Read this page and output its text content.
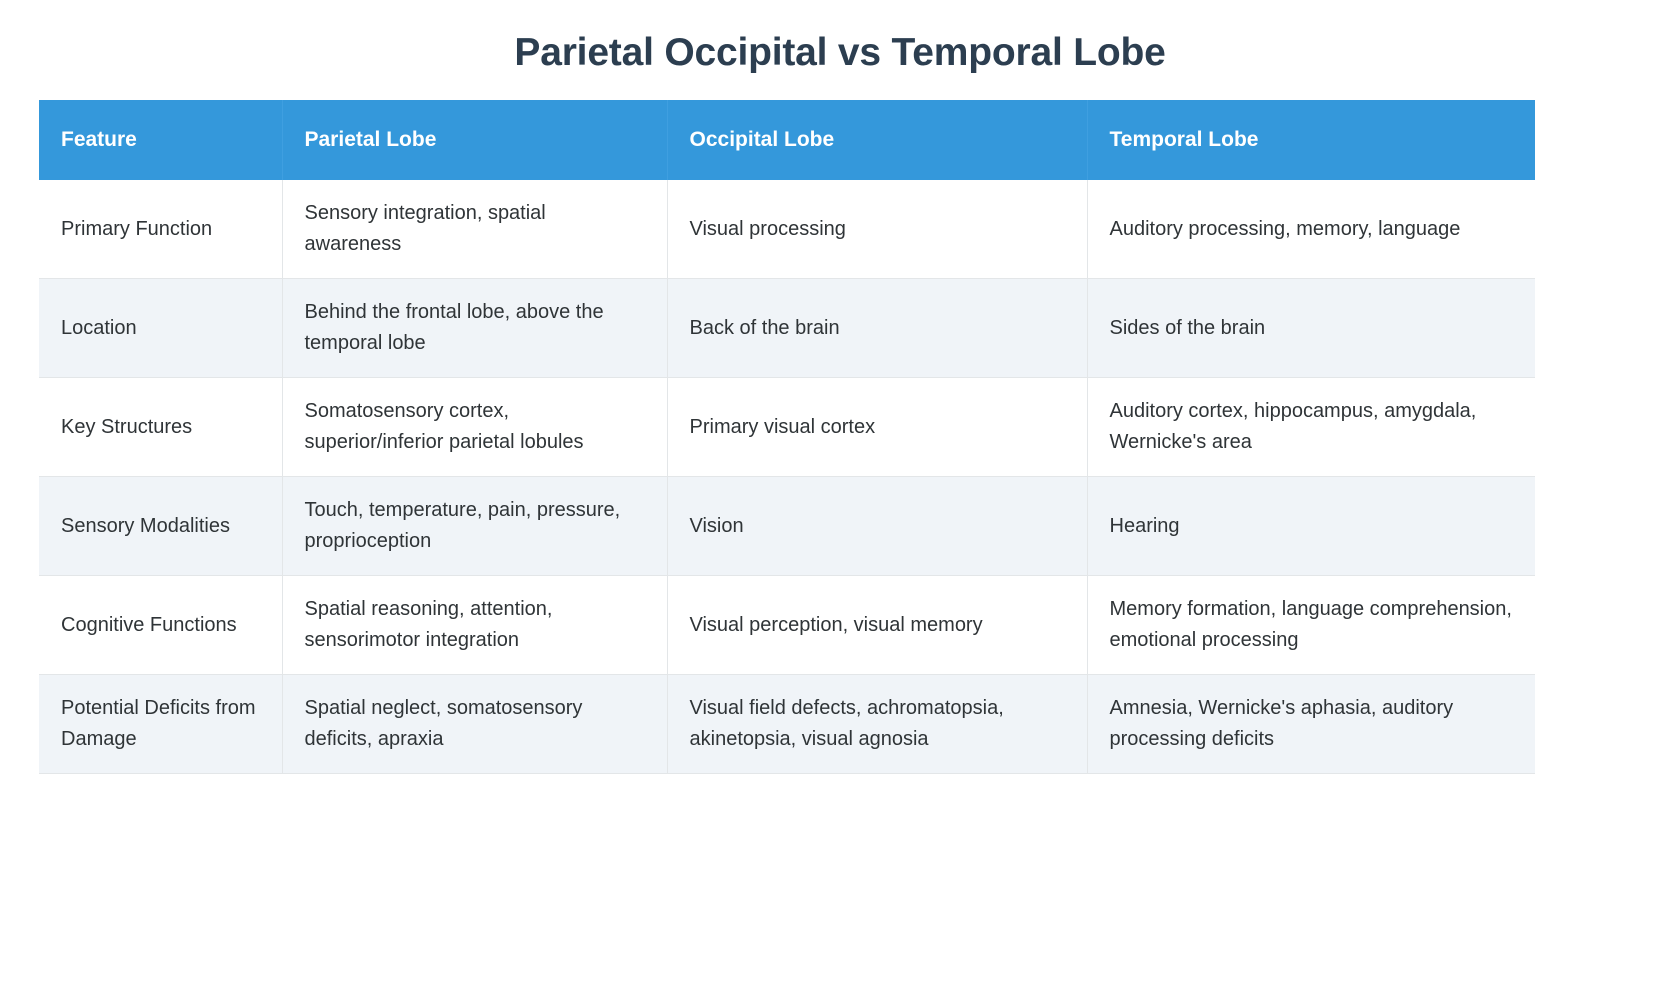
Parietal Occipital vs Temporal Lobe
Feature	Parietal Lobe	Occipital Lobe	Temporal Lobe
Primary Function	Sensory integration, spatial awareness	Visual processing	Auditory processing, memory, language
Location	Behind the frontal lobe, above the temporal lobe	Back of the brain	Sides of the brain
Key Structures	Somatosensory cortex, superior/inferior parietal lobules	Primary visual cortex	Auditory cortex, hippocampus, amygdala, Wernicke's area
Sensory Modalities	Touch, temperature, pain, pressure, proprioception	Vision	Hearing
Cognitive Functions	Spatial reasoning, attention, sensorimotor integration	Visual perception, visual memory	Memory formation, language comprehension, emotional processing
Potential Deficits from Damage	Spatial neglect, somatosensory deficits, apraxia	Visual field defects, achromatopsia, akinetopsia, visual agnosia	Amnesia, Wernicke's aphasia, auditory processing deficits
